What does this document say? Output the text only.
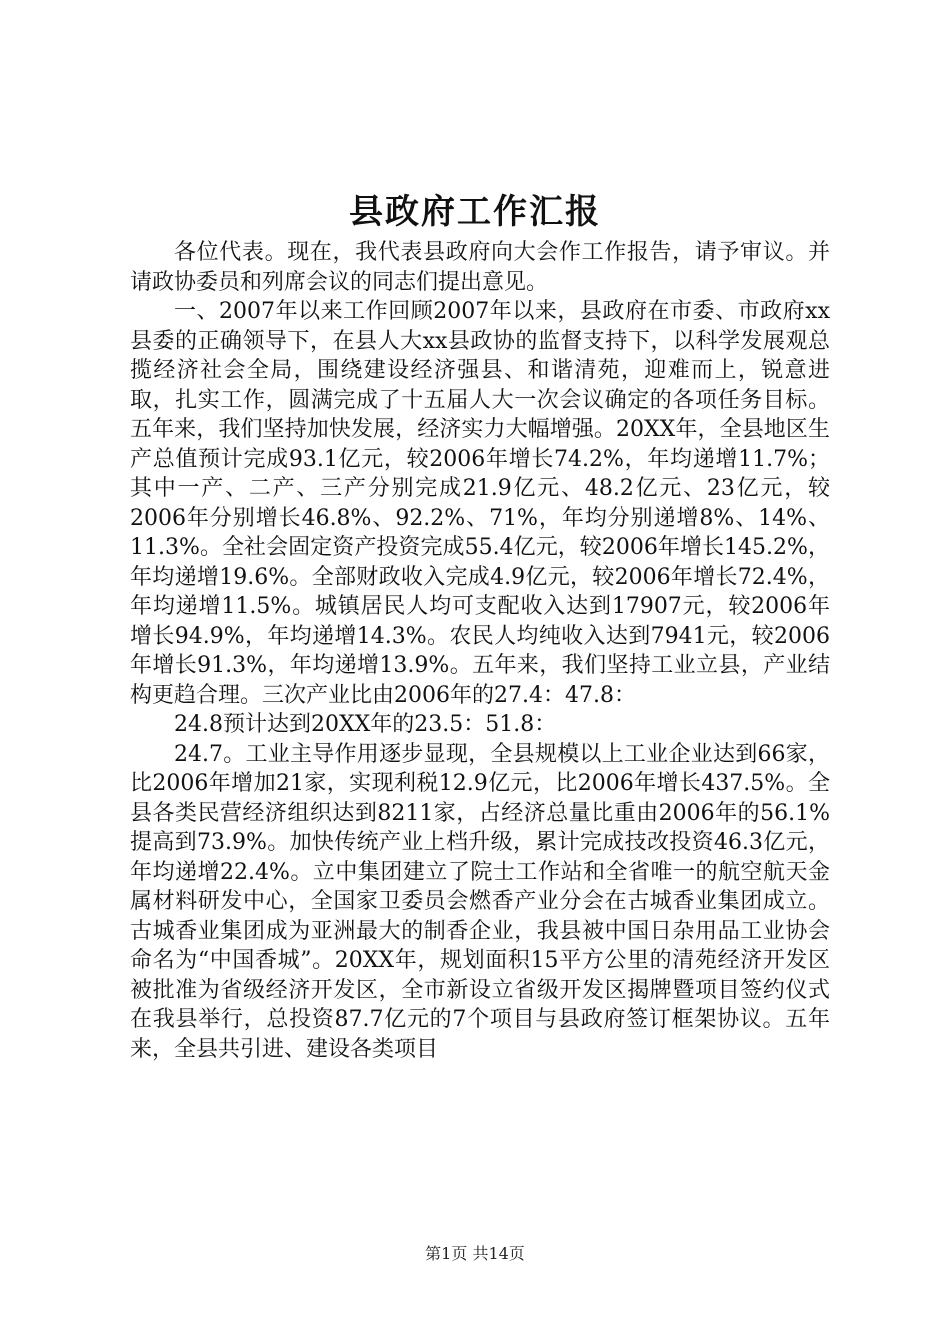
县政府工作汇报

各位代表。现在，我代表县政府向大会作工作报告，请予审议。并请政协委员和列席会议的同志们提出意见。

一、2007年以来工作回顾2007年以来，县政府在市委、市政府xx县委的正确领导下，在县人大xx县政协的监督支持下，以科学发展观总揽经济社会全局，围绕建设经济强县、和谐清苑，迎难而上，锐意进取，扎实工作，圆满完成了十五届人大一次会议确定的各项任务目标。五年来，我们坚持加快发展，经济实力大幅增强。20XX年，全县地区生产总值预计完成93.1亿元，较2006年增长74.2%，年均递增11.7%；其中一产、二产、三产分别完成21.9亿元、48.2亿元、23亿元，较2006年分别增长46.8%、92.2%、71%，年均分别递增8%、14%、11.3%。全社会固定资产投资完成55.4亿元，较2006年增长145.2%，年均递增19.6%。全部财政收入完成4.9亿元，较2006年增长72.4%，年均递增11.5%。城镇居民人均可支配收入达到17907元，较2006年增长94.9%，年均递增14.3%。农民人均纯收入达到7941元，较2006年增长91.3%，年均递增13.9%。五年来，我们坚持工业立县，产业结构更趋合理。三次产业比由2006年的27.4：47.8：

24.8预计达到20XX年的23.5：51.8：

24.7。工业主导作用逐步显现，全县规模以上工业企业达到66家，比2006年增加21家，实现利税12.9亿元，比2006年增长437.5%。全县各类民营经济组织达到8211家，占经济总量比重由2006年的56.1%提高到73.9%。加快传统产业上档升级，累计完成技改投资46.3亿元，年均递增22.4%。立中集团建立了院士工作站和全省唯一的航空航天金属材料研发中心，全国家卫委员会燃香产业分会在古城香业集团成立。古城香业集团成为亚洲最大的制香企业，我县被中国日杂用品工业协会命名为“中国香城”。20XX年，规划面积15平方公里的清苑经济开发区被批准为省级经济开发区，全市新设立省级开发区揭牌暨项目签约仪式在我县举行，总投资87.7亿元的7个项目与县政府签订框架协议。五年来，全县共引进、建设各类项目

第1页 共14页
